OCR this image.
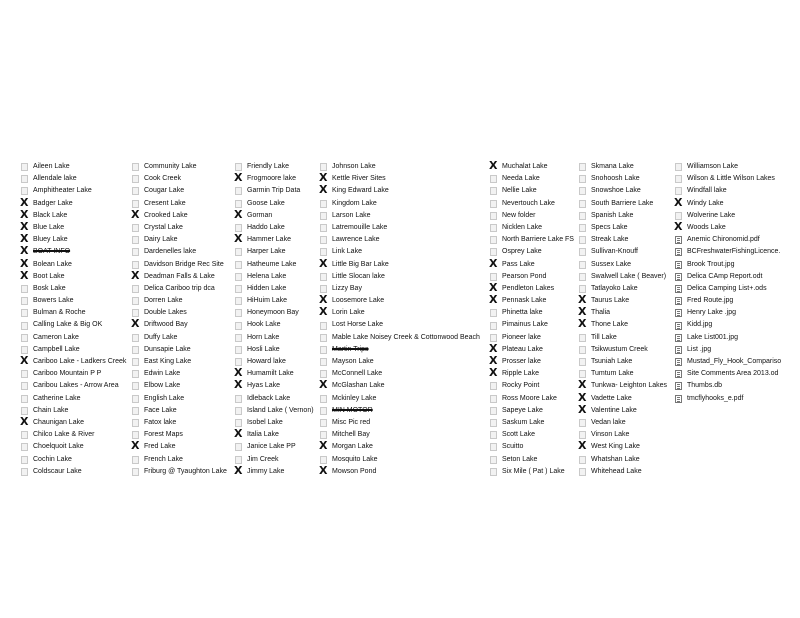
Aileen Lake
Allendale lake
Amphitheater Lake
X Badger Lake
X Black Lake
X Blue Lake
X Bluey Lake
X BOAT INFO
X Bolean Lake
X Boot Lake
Bosk Lake
Bowers Lake
Bulman & Roche
Calling Lake & Big OK
Cameron Lake
Campbell Lake
X Cariboo Lake - Ladkers Creek
Cariboo Mountain P P
Caribou Lakes - Arrow Area
Catherine Lake
Chain Lake
X Chaunigan Lake
Chilco Lake & River
Choelquoit Lake
Cochin Lake
Coldscaur Lake
Community Lake
Cook Creek
Cougar Lake
Cresent Lake
X Crooked Lake
Crystal Lake
Dairy Lake
Dardenelles lake
Davidson Bridge Rec Site
X Deadman Falls & Lake
Delica Cariboo trip dca
Dorren Lake
Double Lakes
X Driftwood Bay
Duffy Lake
Dunsapie Lake
East King Lake
Edwin Lake
Elbow Lake
English Lake
Face Lake
Fatox lake
Forest Maps
X Fred Lake
French Lake
Friburg @ Tyaughton Lake
Friendly Lake
X Frogmoore lake
Garmin Trip Data
Goose Lake
X Gorman
Haddo Lake
X Hammer Lake
Harper Lake
Hatheume Lake
Helena Lake
Hidden Lake
HiHuim Lake
Honeymoon Bay
Hook Lake
Horn Lake
Hosli Lake
Howard lake
X Humamilt Lake
X Hyas Lake
Idleback Lake
Island Lake ( Vernon)
Isobel Lake
X Italia Lake
Janice Lake PP
Jim Creek
X Jimmy Lake
Johnson Lake
X Kettle River Sites
X King Edward Lake
Kingdom Lake
Larson Lake
Latremouille Lake
Lawrence Lake
Link Lake
X Little Big Bar Lake
Little Slocan lake
Lizzy Bay
X Loosemore Lake
X Lorin Lake
Lost Horse Lake
Mable Lake Noisey Creek & Cottonwood Beach
Martin Trips
Mayson Lake
McConnell Lake
X McGlashan Lake
Mckinley Lake
MIN MOTOR
Misc Pic red
Mitchell Bay
X Morgan Lake
Mosquito Lake
X Mowson Pond
X Muchalat Lake
Needa Lake
Nellie Lake
Nevertouch Lake
New folder
Nicklen Lake
North Barriere Lake FS
Osprey Lake
X Pass Lake
Pearson Pond
X Pendleton Lakes
X Pennask Lake
Phinetta lake
Pimainus Lake
Pioneer lake
X Plateau Lake
X Prosser lake
X Ripple Lake
Rocky Point
Ross Moore Lake
Sapeye Lake
Saskum Lake
Scott Lake
Scuitto
Seton Lake
Six Mile ( Pat ) Lake
Skmana Lake
Snohoosh Lake
Snowshoe Lake
South Barriere Lake
Spanish Lake
Specs Lake
Streak Lake
Sullivan-Knouff
Sussex Lake
Swalwell Lake ( Beaver)
Tatlayoko Lake
X Taurus Lake
X Thalia
X Thone Lake
Till Lake
Tsikwustum Creek
Tsuniah Lake
Tumtum Lake
X Tunkwa- Leighton Lakes
X Vadette Lake
X Valentine Lake
Vedan lake
Vinson Lake
X West King Lake
Whatshan Lake
Whitehead Lake
Williamson Lake
Wilson & Little Wilson Lakes
Windfall lake
X Windy Lake
Wolverine Lake
X Woods Lake
Anemic Chironomid.pdf
BCFreshwaterFishingLicence.
Brook Trout.jpg
Delica CAmp Report.odt
Delica Camping List+.ods
Fred Route.jpg
Henry Lake .jpg
Kidd.jpg
Lake List001.jpg
List .jpg
Mustad_Fly_Hook_Compariso
Site Comments Area 2013.od
Thumbs.db
tmcflyhooks_e.pdf
